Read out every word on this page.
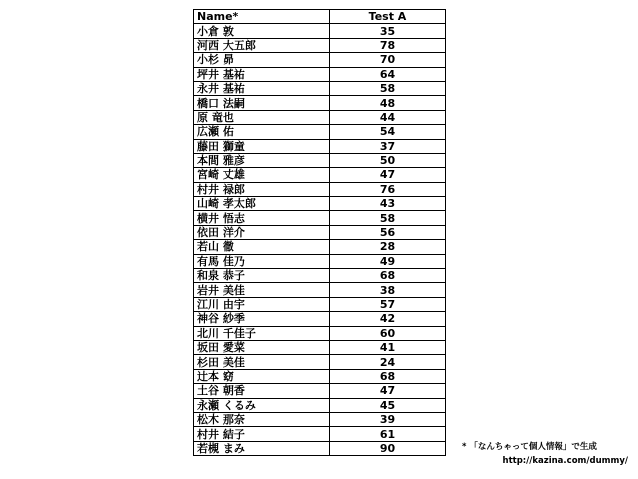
Name*	Test A
小倉 敦	35
河西 大五郎	78
小杉 昴	70
坪井 基祐	64
永井 基祐	58
橋口 法嗣	48
原 竜也	44
広瀬 佑	54
藤田 獅童	37
本間 雅彦	50
宮崎 丈雄	47
村井 禄郎	76
山崎 孝太郎	43
横井 悟志	58
依田 洋介	56
若山 徹	28
有馬 佳乃	49
和泉 恭子	68
岩井 美佳	38
江川 由宇	57
神谷 紗季	42
北川 千佳子	60
坂田 愛菜	41
杉田 美佳	24
辻本 窈	68
土谷 朝香	47
永瀬 くるみ	45
松木 那奈	39
村井 結子	61
若槻 まみ	90	* 「なんちゃって個人情報」で生成
http://kazina.com/dummy/
